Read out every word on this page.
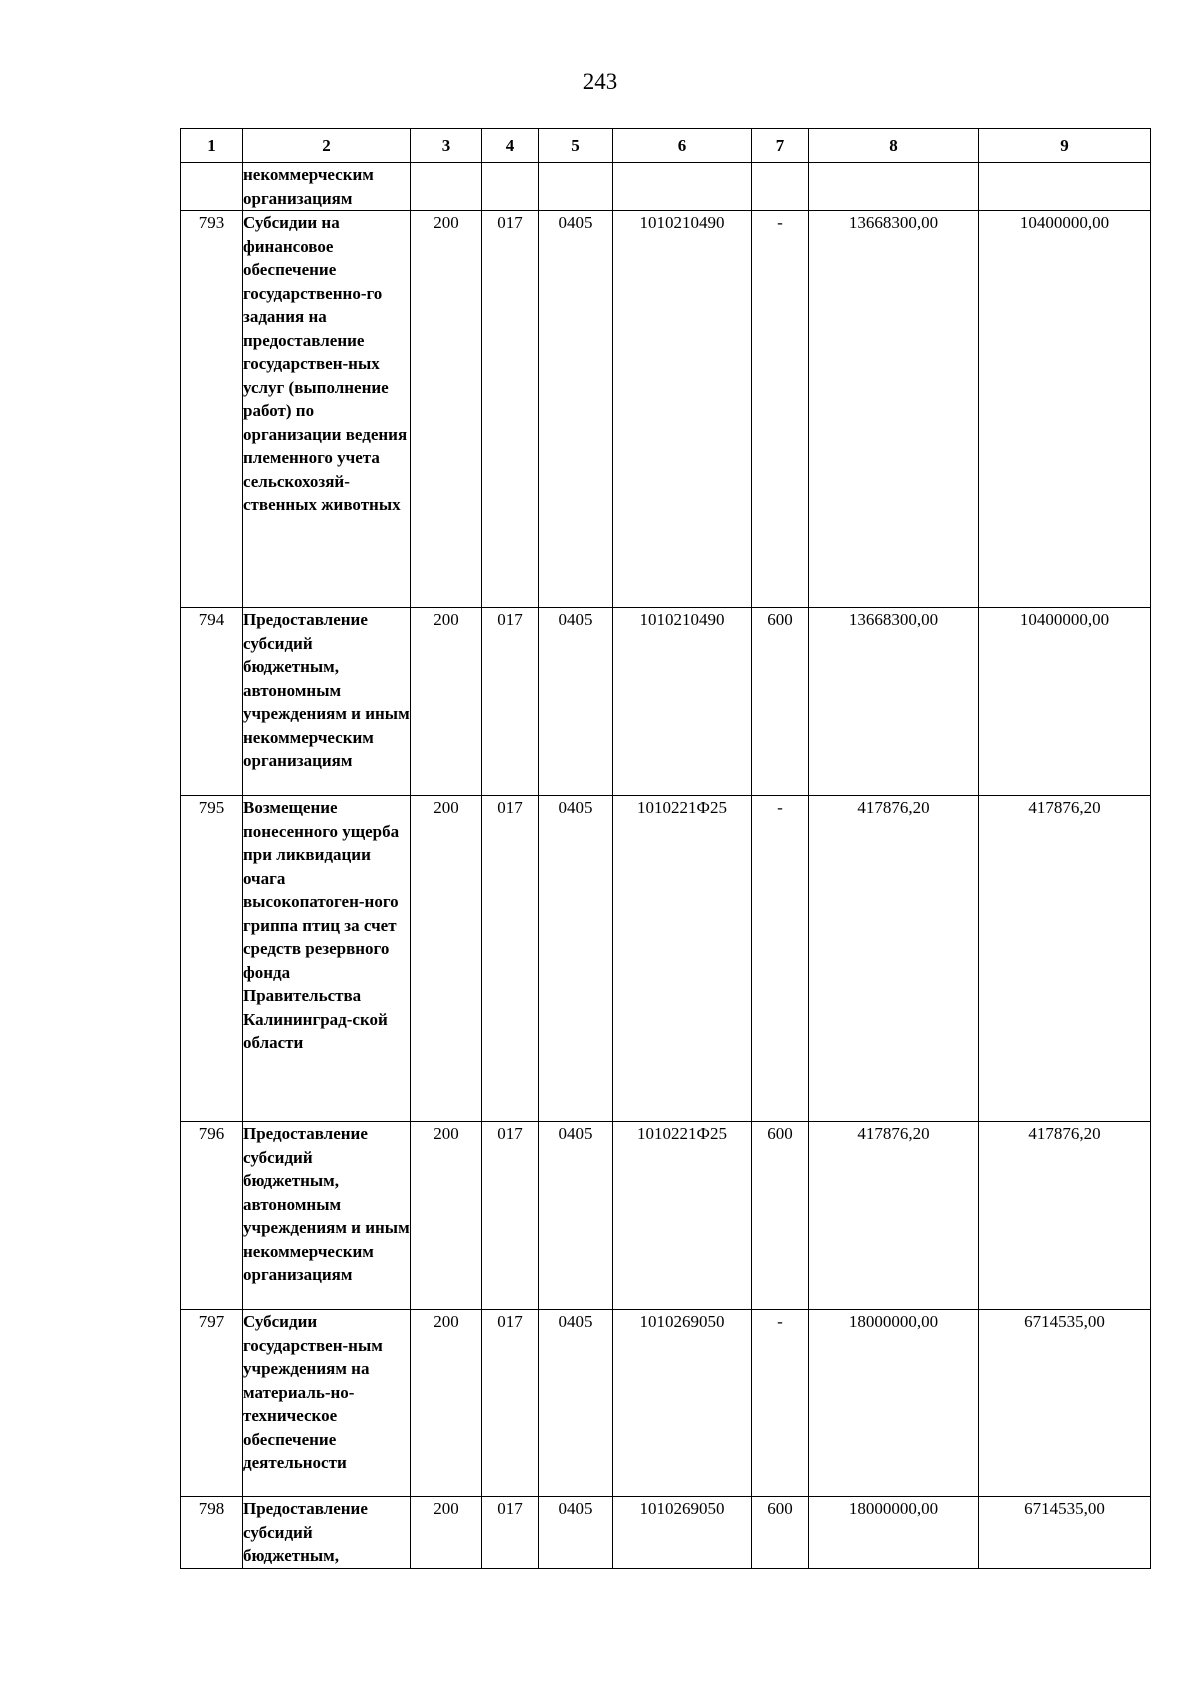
243
1	2	3	4	5	6	7	8	9
	некоммерческим организациям							
793	Субсидии на финансовое обеспечение государственно-го задания на предоставление государствен-ных услуг (выполнение работ) по организации ведения племенного учета сельскохозяй-ственных животных	200	017	0405	1010210490	-	13668300,00	10400000,00
794	Предоставление субсидий бюджетным, автономным учреждениям и иным некоммерческим организациям	200	017	0405	1010210490	600	13668300,00	10400000,00
795	Возмещение понесенного ущерба при ликвидации очага высокопатоген-ного гриппа птиц за счет средств резервного фонда Правительства Калининград-ской области	200	017	0405	1010221Ф25	-	417876,20	417876,20
796	Предоставление субсидий бюджетным, автономным учреждениям и иным некоммерческим организациям	200	017	0405	1010221Ф25	600	417876,20	417876,20
797	Субсидии государствен-ным учреждениям на материаль-но-техническое обеспечение деятельности	200	017	0405	1010269050	-	18000000,00	6714535,00
798	Предоставление субсидий бюджетным,	200	017	0405	1010269050	600	18000000,00	6714535,00
